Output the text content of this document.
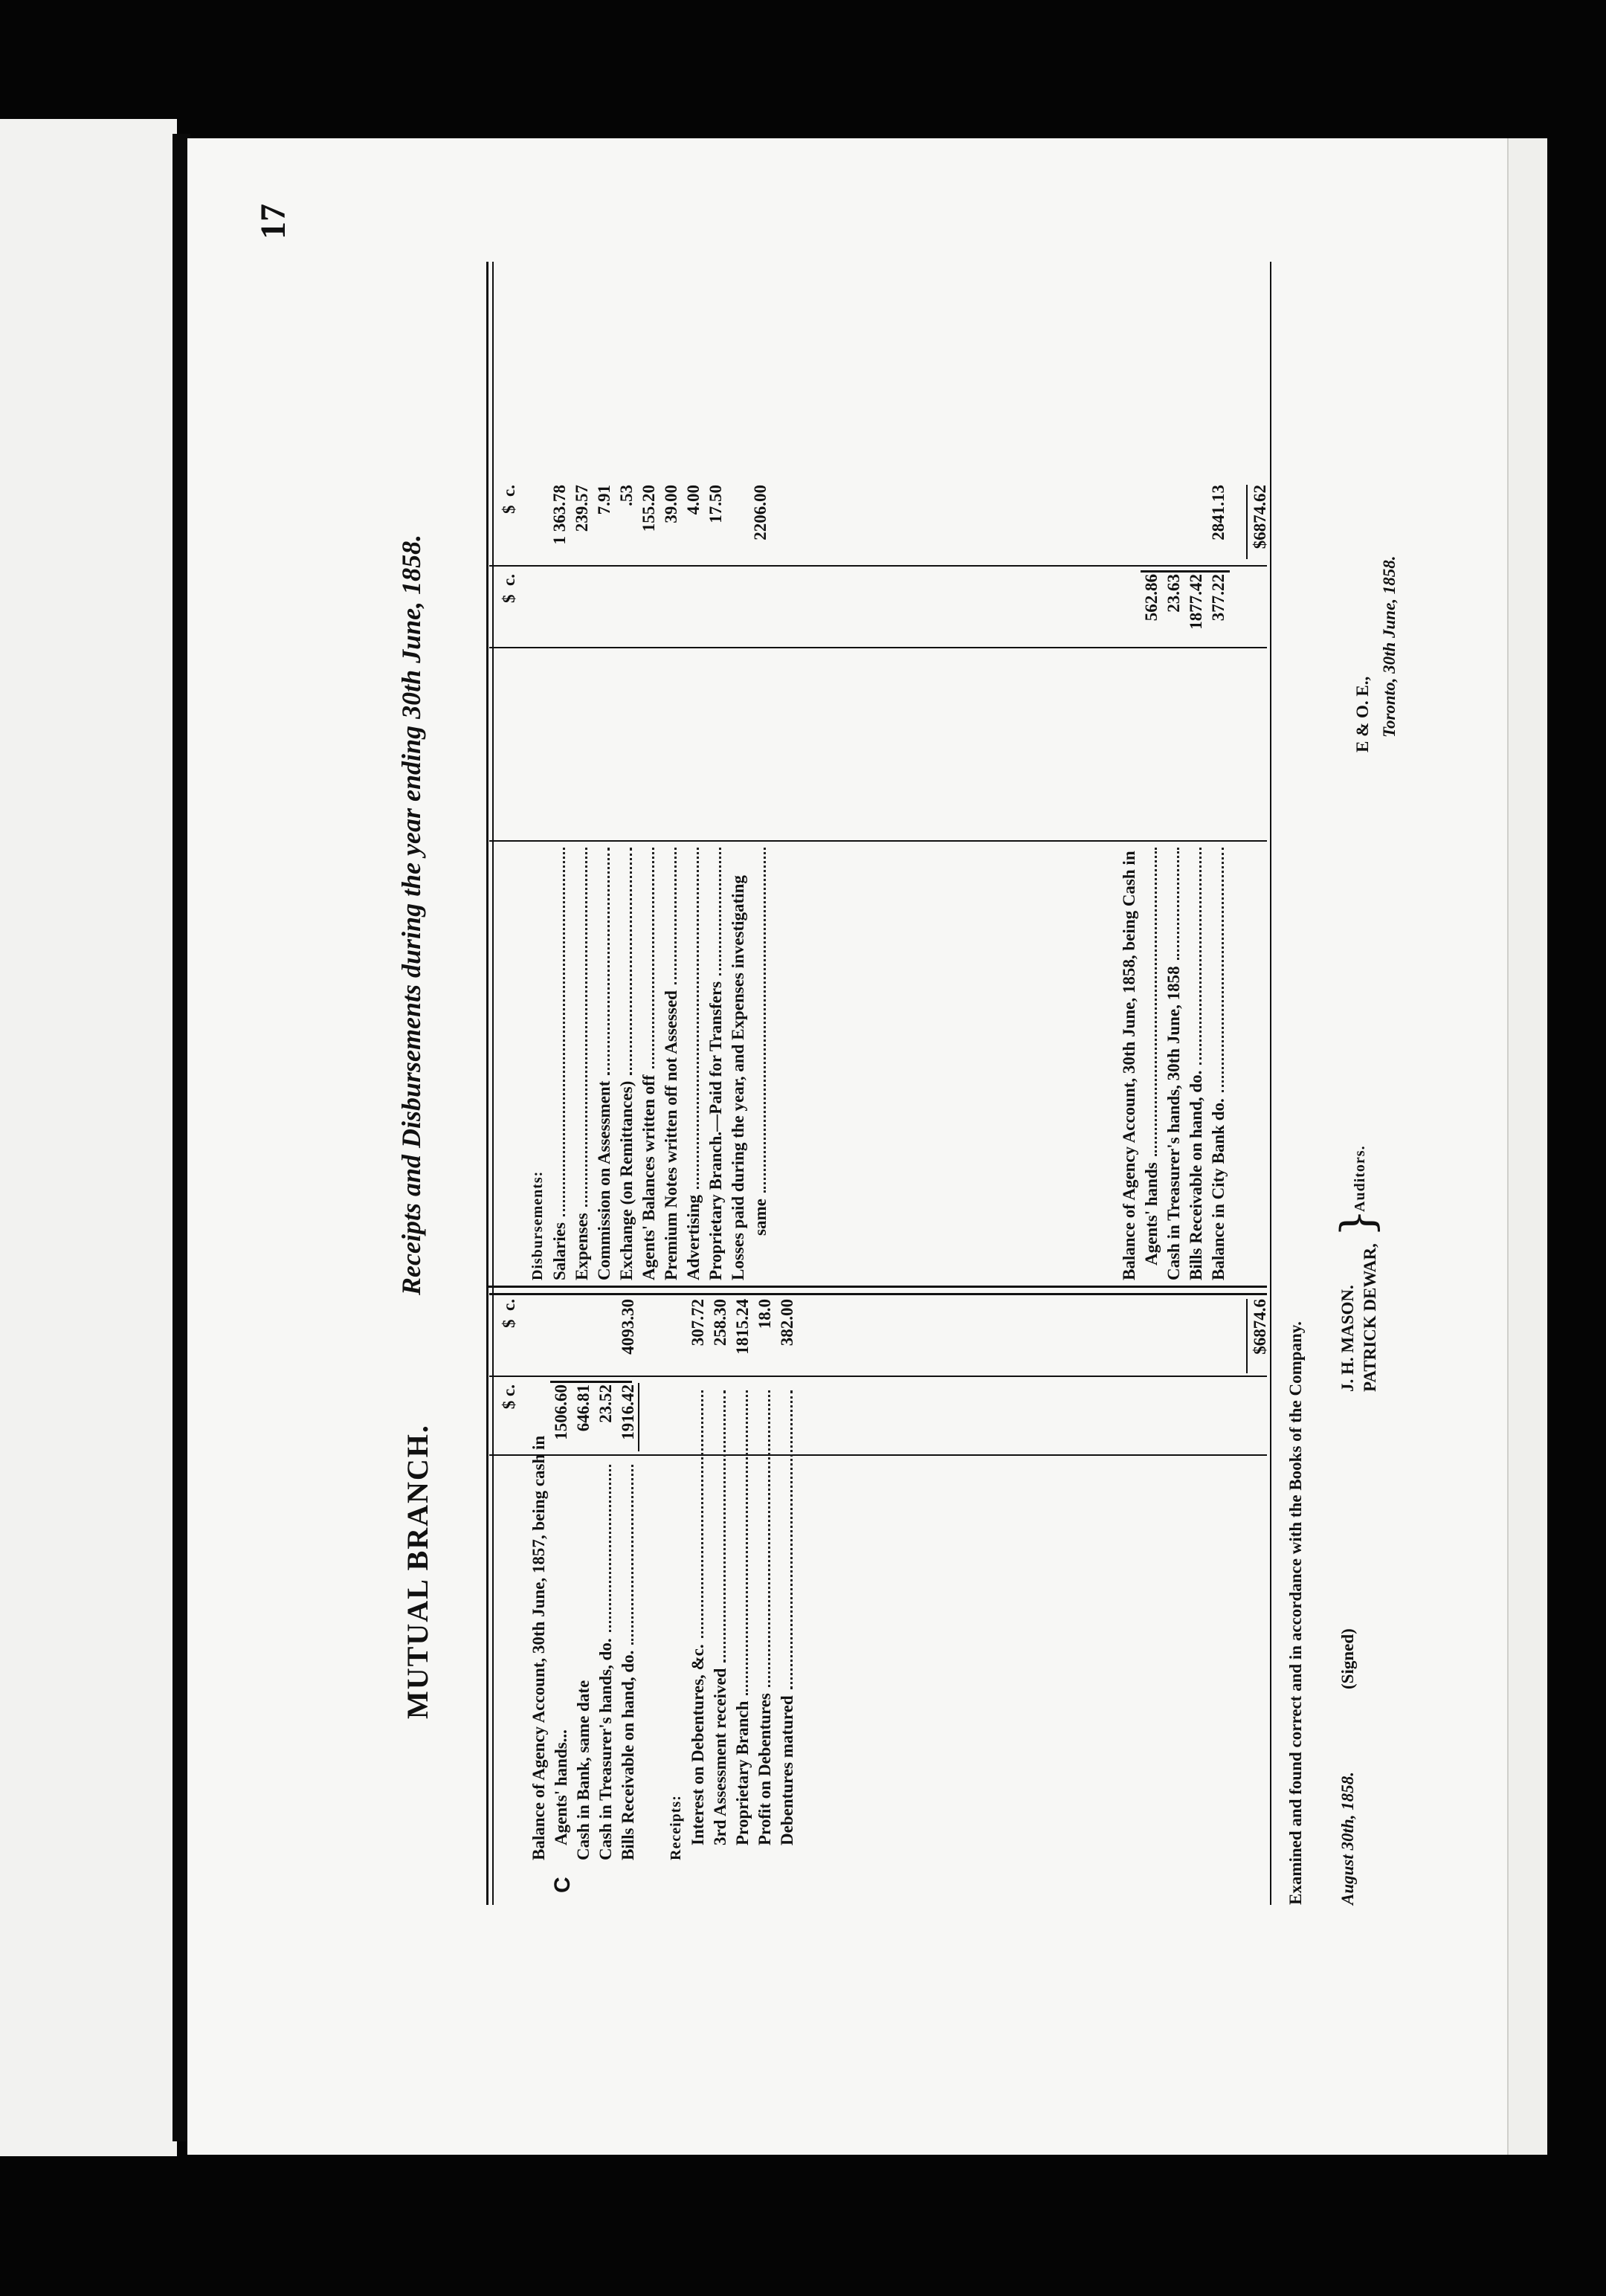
17
MUTUAL BRANCH.
Receipts and Disbursements during the year ending 30th June, 1858.
$ c.
$  c.
Balance of Agency Account, 30th June, 1857, being cash in Agents' hands... Cash in Bank, same date Cash in Treasurer's hands, do. Bills Receivable on hand, do.
1506.60 646.81 23.52 1916.42
4093.30
Receipts: Interest on Debentures, &c. 3rd Assessment received Proprietary Branch Profit on Debentures Debentures matured
307.72 258.30 1815.24 18.0 382.00	$6874.6
$  c.
$  c.
Disbursements: Salaries Expenses Commission on Assessment Exchange (on Remittances) Agents' Balances written off Premium Notes written off not Assessed Advertising Proprietary Branch.—Paid for Transfers Losses paid during the year, and Expenses investigating same
1 363.78 239.57 7.91 .53 155.20 39.00 4.00 17.50 2206.00
Balance of Agency Account, 30th June, 1858, being Cash in Agents' hands Cash in Treasurer's hands, 30th June, 1858 Bills Receivable on hand, do. Balance in City Bank do.
562.86 23.63 1877.42 377.22
2841.13 $6874.62
Examined and found correct and in accordance with the Books of the Company. August 30th, 1858.
(Signed)
J. H. MASON. PATRICK DEWAR,
}
Auditors.
E & O. E., Toronto, 30th June, 1858.
C
